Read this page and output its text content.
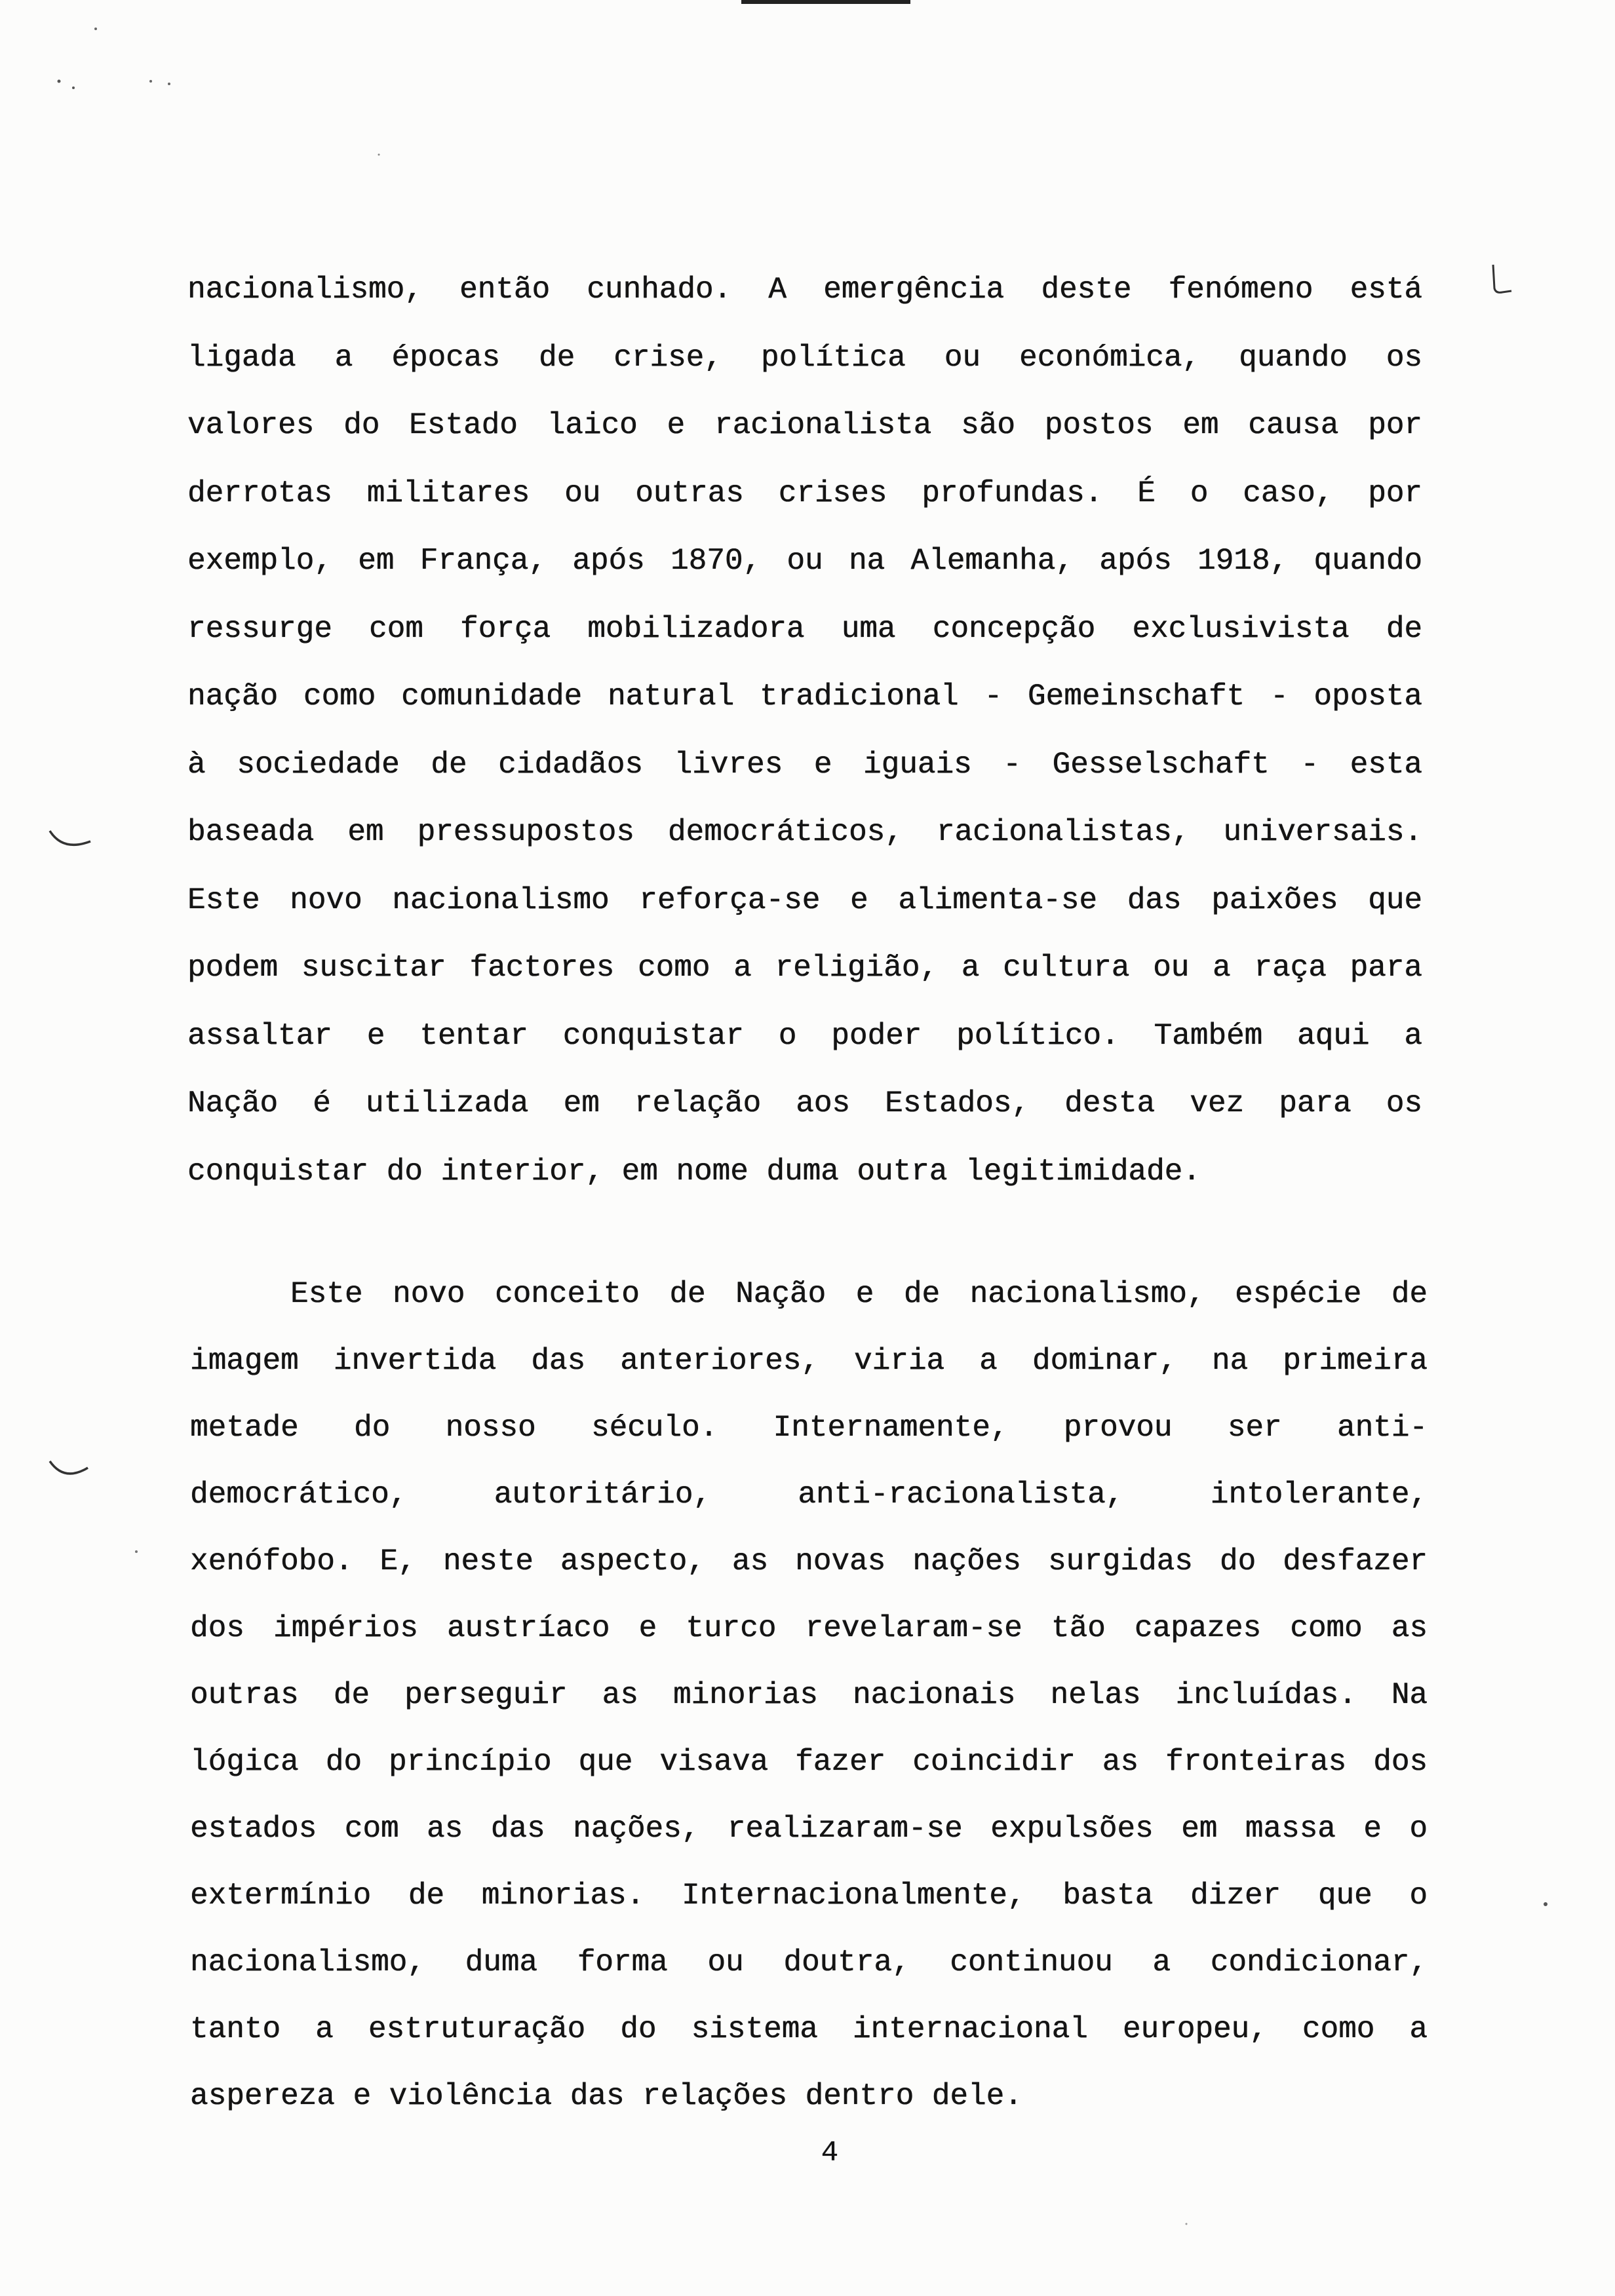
nacionalismo, então cunhado. A emergência deste fenómeno está
ligada a épocas de crise, política ou económica, quando os
valores do Estado laico e racionalista são postos em causa por
derrotas militares ou outras crises profundas. É o caso, por
exemplo, em França, após 1870, ou na Alemanha, após 1918, quando
ressurge com força mobilizadora uma concepção exclusivista de
nação como comunidade natural tradicional - Gemeinschaft - oposta
à sociedade de cidadãos livres e iguais - Gesselschaft - esta
baseada em pressupostos democráticos, racionalistas, universais.
Este novo nacionalismo reforça-se e alimenta-se das paixões que
podem suscitar factores como a religião, a cultura ou a raça para
assaltar e tentar conquistar o poder político. Também aqui a
Nação é utilizada em relação aos Estados, desta vez para os
conquistar do interior, em nome duma outra legitimidade.
Este novo conceito de Nação e de nacionalismo, espécie de
imagem invertida das anteriores, viria a dominar, na primeira
metade do nosso século. Internamente, provou ser anti-
democrático, autoritário, anti-racionalista, intolerante,
xenófobo. E, neste aspecto, as novas nações surgidas do desfazer
dos impérios austríaco e turco revelaram-se tão capazes como as
outras de perseguir as minorias nacionais nelas incluídas. Na
lógica do princípio que visava fazer coincidir as fronteiras dos
estados com as das nações, realizaram-se expulsões em massa e o
extermínio de minorias. Internacionalmente, basta dizer que o
nacionalismo, duma forma ou doutra, continuou a condicionar,
tanto a estruturação do sistema internacional europeu, como a
aspereza e violência das relações dentro dele.
4
